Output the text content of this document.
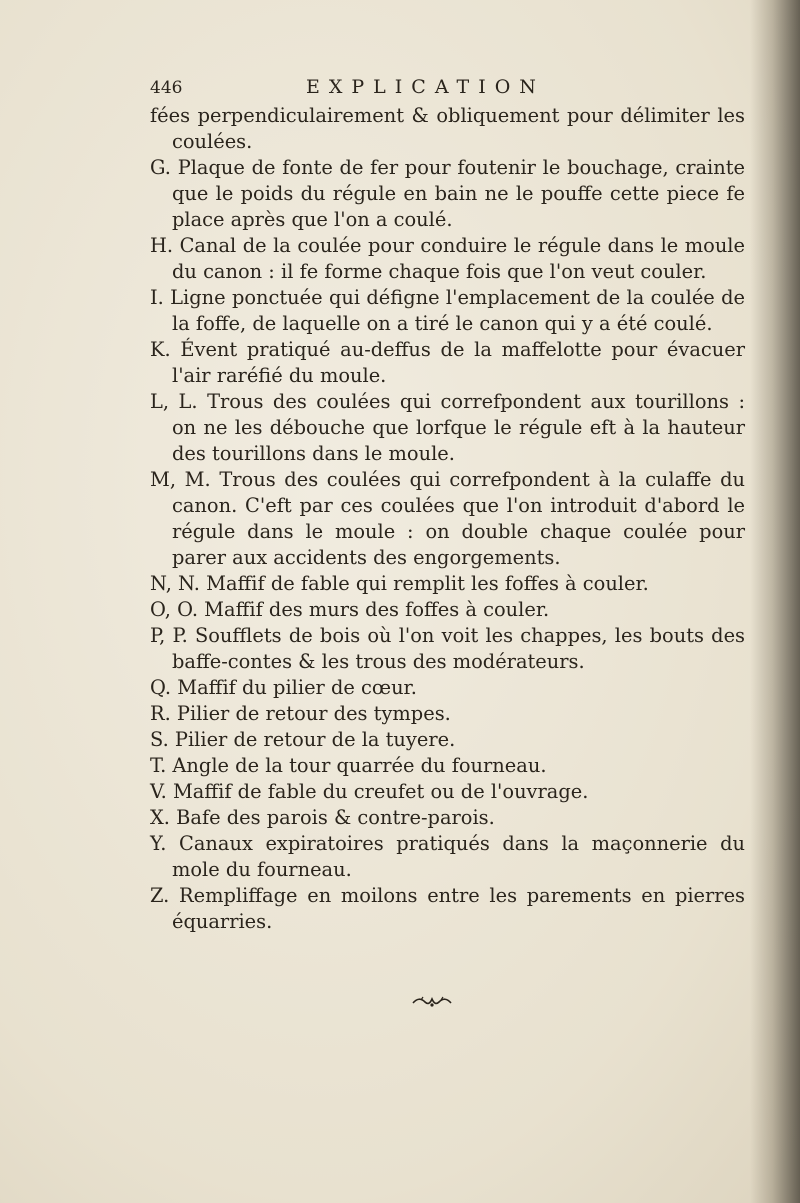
446	EXPLICATION

fées perpendiculairement & obliquement pour délimiter les coulées.

G. Plaque de fonte de fer pour foutenir le bouchage, crainte que le poids du régule en bain ne le pouffe cette piece fe place après que l'on a coulé.

H. Canal de la coulée pour conduire le régule dans le moule du canon : il fe forme chaque fois que l'on veut couler.

I. Ligne ponctuée qui défigne l'emplacement de la coulée de la foffe, de laquelle on a tiré le canon qui y a été coulé.

K. Évent pratiqué au-deffus de la maffelotte pour évacuer l'air raréfié du moule.

L, L. Trous des coulées qui correfpondent aux tourillons : on ne les débouche que lorfque le régule eft à la hauteur des tourillons dans le moule.

M, M. Trous des coulées qui correfpondent à la culaffe du canon. C'eft par ces coulées que l'on introduit d'abord le régule dans le moule : on double chaque coulée pour parer aux accidents des engorgements.

N, N. Maffif de fable qui remplit les foffes à couler.

O, O. Maffif des murs des foffes à couler.

P, P. Soufflets de bois où l'on voit les chappes, les bouts des baffe-contes & les trous des modérateurs.

Q. Maffif du pilier de cœur.

R. Pilier de retour des tympes.

S. Pilier de retour de la tuyere.

T. Angle de la tour quarrée du fourneau.

V. Maffif de fable du creufet ou de l'ouvrage.

X. Bafe des parois & contre-parois.

Y. Canaux expiratoires pratiqués dans la maçonnerie du mole du fourneau.

Z. Rempliffage en moilons entre les parements en pierres équarries.
